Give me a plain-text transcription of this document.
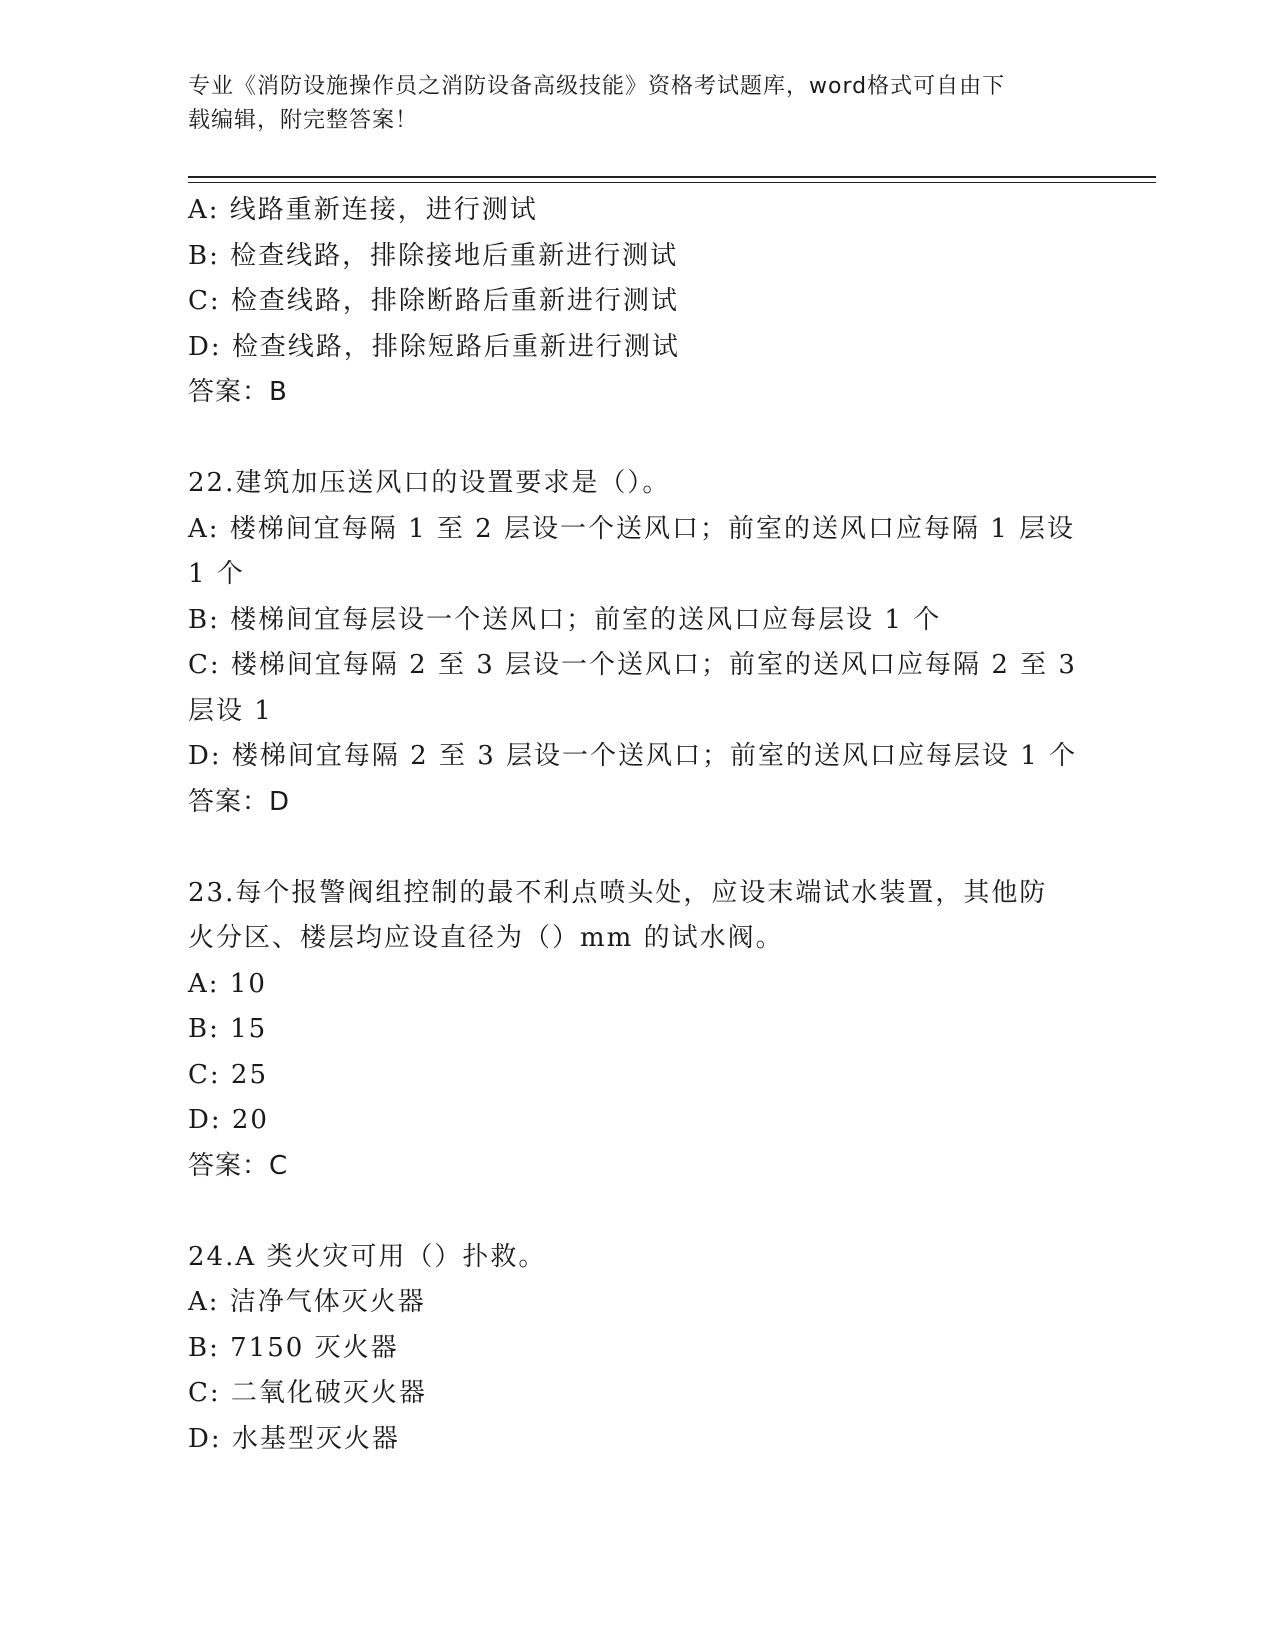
专业《消防设施操作员之消防设备高级技能》资格考试题库，word格式可自由下
载编辑，附完整答案！
A: 线路重新连接，进行测试
B: 检查线路，排除接地后重新进行测试
C: 检查线路，排除断路后重新进行测试
D: 检查线路，排除短路后重新进行测试
答案：B
22.建筑加压送风口的设置要求是（）。
A: 楼梯间宜每隔 1 至 2 层设一个送风口；前室的送风口应每隔 1 层设
1 个
B: 楼梯间宜每层设一个送风口；前室的送风口应每层设 1 个
C: 楼梯间宜每隔 2 至 3 层设一个送风口；前室的送风口应每隔 2 至 3
层设 1
D: 楼梯间宜每隔 2 至 3 层设一个送风口；前室的送风口应每层设 1 个
答案：D
23.每个报警阀组控制的最不利点喷头处，应设末端试水装置，其他防
火分区、楼层均应设直径为（）mm 的试水阀。
A: 10
B: 15
C: 25
D: 20
答案：C
24.A 类火灾可用（）扑救。
A: 洁净气体灭火器
B: 7150 灭火器
C: 二氧化破灭火器
D: 水基型灭火器
